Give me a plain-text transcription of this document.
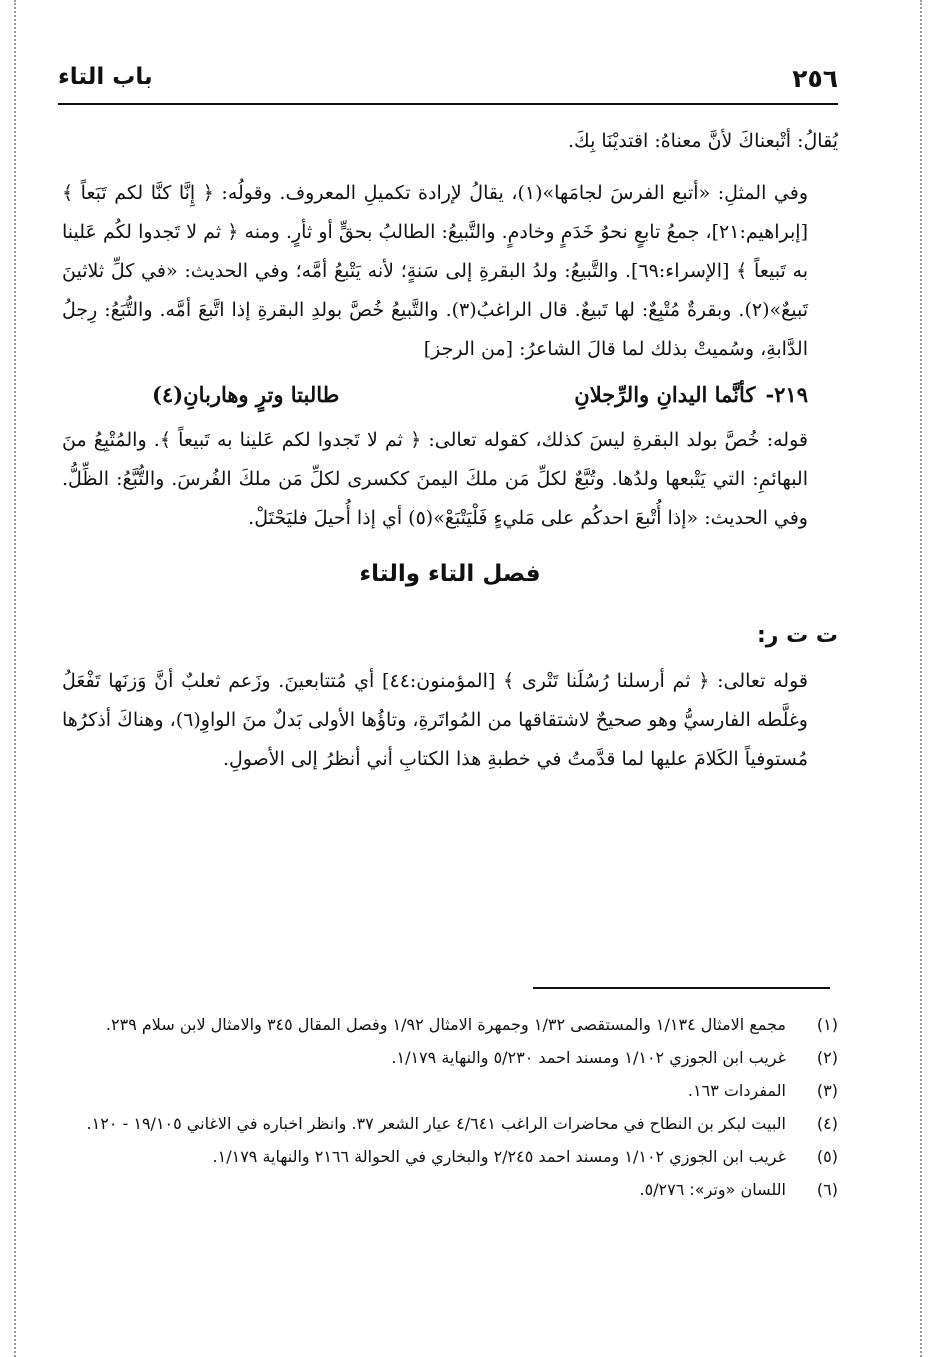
٢٥٦
باب التاء

يُقالُ: أتْبعناكَ لأنَّ معناهُ: اقتديْنَا بِكَ.

وفي المثلِ: «أتبع الفرسَ لجامَها»(١)، يقالُ لإرادة تكميلِ المعروف. وقولُه: ﴿ إِنَّا كنَّا لكم تَبَعاً ﴾ [إبراهيم:٢١]، جمعُ تابعٍ نحوُ خَدَمٍ وخادمٍ. والتَّبيعُ: الطالبُ بحقٍّ أو ثأرٍ. ومنه ﴿ ثم لا تَجدوا لكُم عَلينا به تَبيعاً ﴾ [الإسراء:٦٩]. والتَّبيعُ: ولدُ البقرةِ إلى سَنةٍ؛ لأنه يَتْبعُ أمَّه؛ وفي الحديث: «في كلِّ ثلاثينَ تَبيعٌ»(٢). وبقرةٌ مُتْبِعٌ: لها تَبيعٌ. قال الراغبُ(٣). والتَّبيعُ خُصَّ بولدِ البقرةِ إذا اتَّبعَ أمَّه. والتُّبَعُ: رِجلُ الدَّابةِ، وسُميتْ بذلك لما قالَ الشاعرُ: [من الرجز]

٢١٩-كأنَّما اليدانِ والرِّجلانِ
طالبتا وترٍ وهاربانِ(٤)

قوله: خُصَّ بولد البقرةِ ليسَ كذلك، كقوله تعالى: ﴿ ثم لا تَجدوا لكم عَلينا به تَبيعاً ﴾. والمُتْبِعُ منَ البهائمِ: التي يَتْبعها ولدُها. وتُبَّعٌ لكلِّ مَن ملكَ اليمنَ ككسرى لكلِّ مَن ملكَ الفُرسَ. والتُّبَّعُ: الظِّلُّ. وفي الحديث: «إذا أُتْبعَ احدكُم على مَليءٍ فَلْيَتْبَعْ»(٥) أي إذا أُحيلَ فليَحْتَلْ.

فصل التاء والتاء
ت ت ر:

قوله تعالى: ﴿ ثم أرسلنا رُسُلَنا تَتْرى ﴾ [المؤمنون:٤٤] أي مُتتابعينَ. وزَعم ثعلبٌ أنَّ وَزنَها تَفْعَلُ وغلَّطه الفارسيُّ وهو صحيحٌ لاشتقاقها من المُواتَرةِ، وتاؤُها الأولى بَدلٌ منَ الواوِ(٦)، وهناكَ أذكرُها مُستوفياً الكَلامَ عليها لما قدَّمتُ في خطبةِ هذا الكتابِ أني أنظرُ إلى الأصولِ.

(١)
مجمع الامثال ١/١٣٤ والمستقصى ١/٣٢ وجمهرة الامثال ١/٩٢ وفصل المقال ٣٤٥ والامثال لابن سلام ٢٣٩.
(٢)
غريب ابن الجوزي ١/١٠٢ ومسند احمد ٥/٢٣٠ والنهاية ١/١٧٩.
(٣)
المفردات ١٦٣.
(٤)
البيت لبكر بن النطاح في محاضرات الراغب ٤/٦٤١ عيار الشعر ٣٧. وانظر اخباره في الاغاني ١٩/١٠٥ - ١٢٠.
(٥)
غريب ابن الجوزي ١/١٠٢ ومسند احمد ٢/٢٤٥ والبخاري في الحوالة ٢١٦٦ والنهاية ١/١٧٩.
(٦)
اللسان «وتر»: ٥/٢٧٦.
